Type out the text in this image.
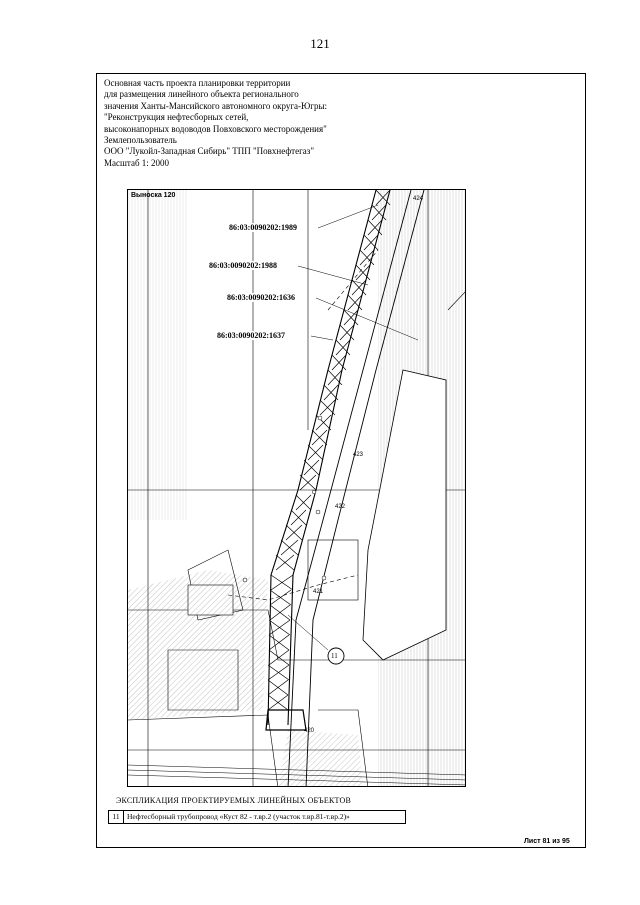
121
Основная часть проекта планировки территории
для размещения линейного объекта регионального
значения Ханты-Мансийского автономного округа-Югры:
"Реконструкция нефтесборных сетей,
высоконапорных водоводов Повховского месторождения"
Землепользователь
ООО "Лукойл-Западная Сибирь" ТПП "Повхнефтегаз"
Масштаб 1: 2000
Выноска 120
86:03:0090202:1989
86:03:0090202:1988
86:03:0090202:1636
86:03:0090202:1637
424
423
422
421
420
11
ЭКСПЛИКАЦИЯ ПРОЕКТИРУЕМЫХ ЛИНЕЙНЫХ ОБЪЕКТОВ
11 Нефтесборный трубопровод «Куст 82 - т.вр.2 (участок т.вр.81-т.вр.2)»
Лист 81 из 95
